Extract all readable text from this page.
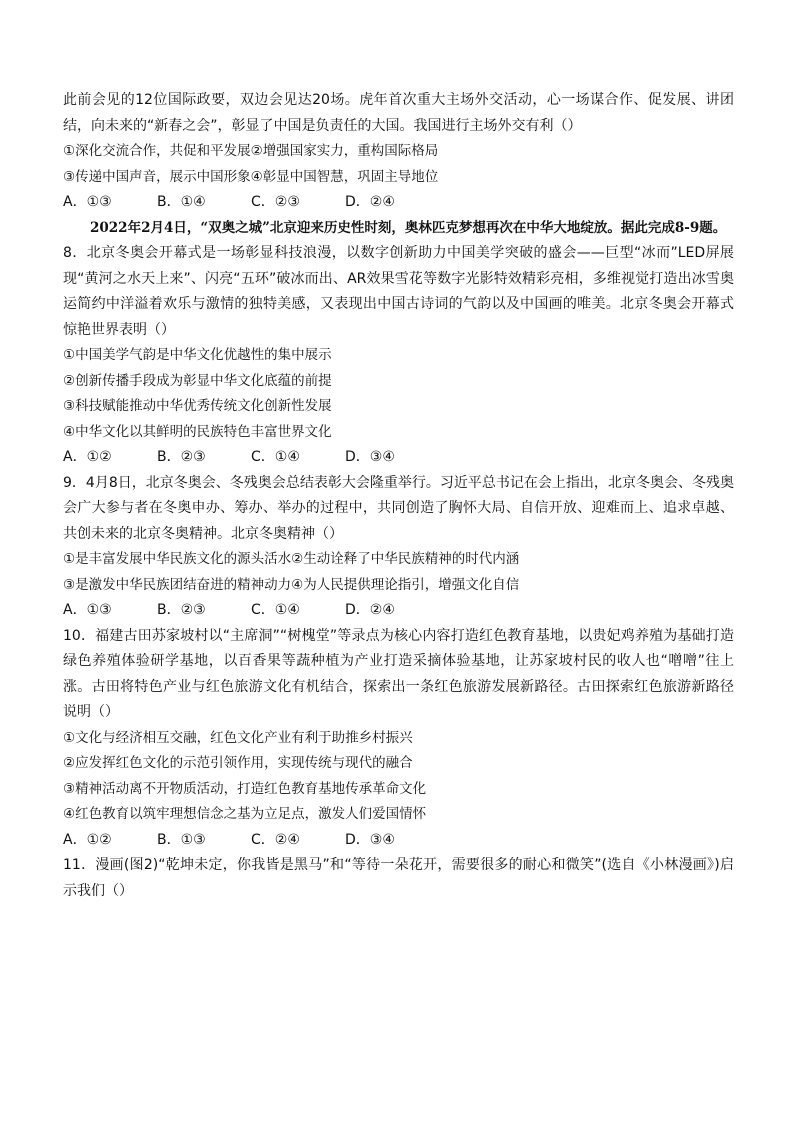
此前会见的12位国际政要，双边会见达20场。虎年首次重大主场外交活动，心一场谋合作、促发展、讲团结，向未来的“新春之会”，彰显了中国是负责任的大国。我国进行主场外交有利（）
①深化交流合作，共促和平发展②增强国家实力，重构国际格局
③传递中国声音，展示中国形象④彰显中国智慧，巩固主导地位
A．①③	B．①④	C．②③	D．②④
2022年2月4日，“双奥之城”北京迎来历史性时刻，奥林匹克梦想再次在中华大地绽放。据此完成8-9题。
8．北京冬奥会开幕式是一场彰显科技浪漫，以数字创新助力中国美学突破的盛会——巨型“冰而”LED屏展现“黄河之水天上来”、闪亮“五环”破冰而出、AR效果雪花等数字光影特效精彩亮相，多维视觉打造出冰雪奥运简约中洋溢着欢乐与激情的独特美感，又表现出中国古诗词的气韵以及中国画的唯美。北京冬奥会开幕式惊艳世界表明（）
①中国美学气韵是中华文化优越性的集中展示
②创新传播手段成为彰显中华文化底蕴的前提
③科技赋能推动中华优秀传统文化创新性发展
④中华文化以其鲜明的民族特色丰富世界文化
A．①②	B．②③	C．①④	D．③④
9．4月8日，北京冬奥会、冬残奥会总结表彰大会隆重举行。习近平总书记在会上指出，北京冬奥会、冬残奥会广大参与者在冬奥申办、筹办、举办的过程中，共同创造了胸怀大局、自信开放、迎难而上、追求卓越、共创未来的北京冬奥精神。北京冬奥精神（）
①是丰富发展中华民族文化的源头活水②生动诠释了中华民族精神的时代内涵
③是激发中华民族团结奋进的精神动力④为人民提供理论指引，增强文化自信
A．①③	B．②③	C．①④	D．②④
10．福建古田苏家坡村以“主席洞”“树槐堂”等录点为核心内容打造红色教育基地，以贵妃鸡养殖为基础打造绿色养殖体验研学基地，以百香果等蔬种植为产业打造采摘体验基地，让苏家坡村民的收人也“噌噌”往上涨。古田将特色产业与红色旅游文化有机结合，探索出一条红色旅游发展新路径。古田探索红色旅游新路径说明（）
①文化与经济相互交融，红色文化产业有利于助推乡村振兴
②应发挥红色文化的示范引领作用，实现传统与现代的融合
③精神活动离不开物质活动，打造红色教育基地传承革命文化
④红色教育以筑牢理想信念之基为立足点，激发人们爱国情怀
A．①②	B．①③	C．②④	D．③④
11．漫画(图2)“乾坤未定，你我皆是黑马”和“等待一朵花开，需要很多的耐心和微笑”(选自《小林漫画》)启示我们（）
